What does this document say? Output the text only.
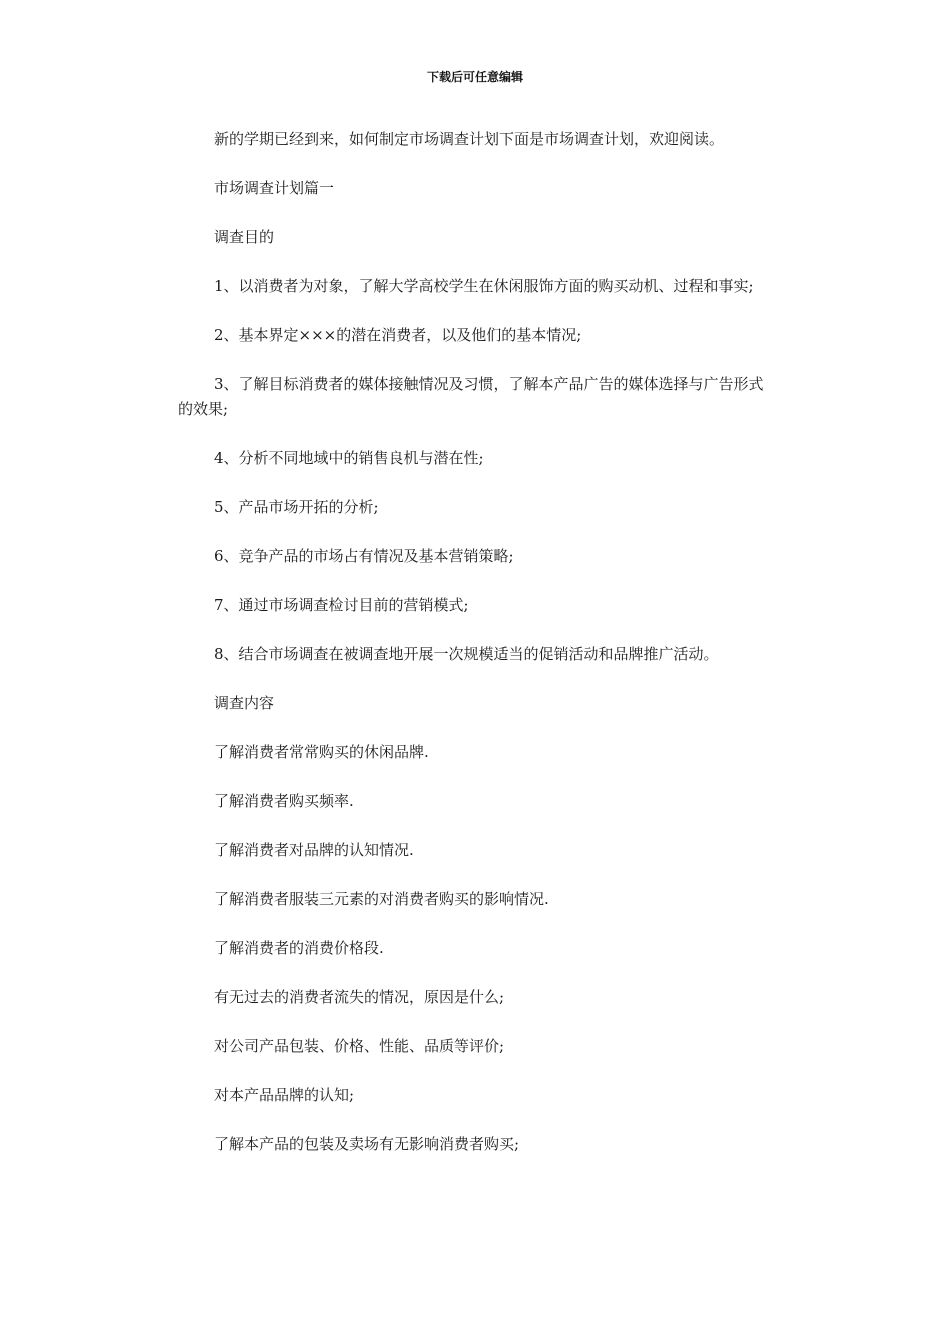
下载后可任意编辑

新的学期已经到来，如何制定市场调查计划下面是市场调查计划，欢迎阅读。

市场调查计划篇一

调查目的

1、以消费者为对象，了解大学高校学生在休闲服饰方面的购买动机、过程和事实;

2、基本界定×××的潜在消费者，以及他们的基本情况;

3、了解目标消费者的媒体接触情况及习惯，了解本产品广告的媒体选择与广告形式的效果;

4、分析不同地域中的销售良机与潜在性;

5、产品市场开拓的分析;

6、竞争产品的市场占有情况及基本营销策略;

7、通过市场调查检讨目前的营销模式;

8、结合市场调查在被调查地开展一次规模适当的促销活动和品牌推广活动。

调查内容

了解消费者常常购买的休闲品牌.

了解消费者购买频率.

了解消费者对品牌的认知情况.

了解消费者服装三元素的对消费者购买的影响情况.

了解消费者的消费价格段.

有无过去的消费者流失的情况，原因是什么;

对公司产品包装、价格、性能、品质等评价;

对本产品品牌的认知;

了解本产品的包装及卖场有无影响消费者购买;
